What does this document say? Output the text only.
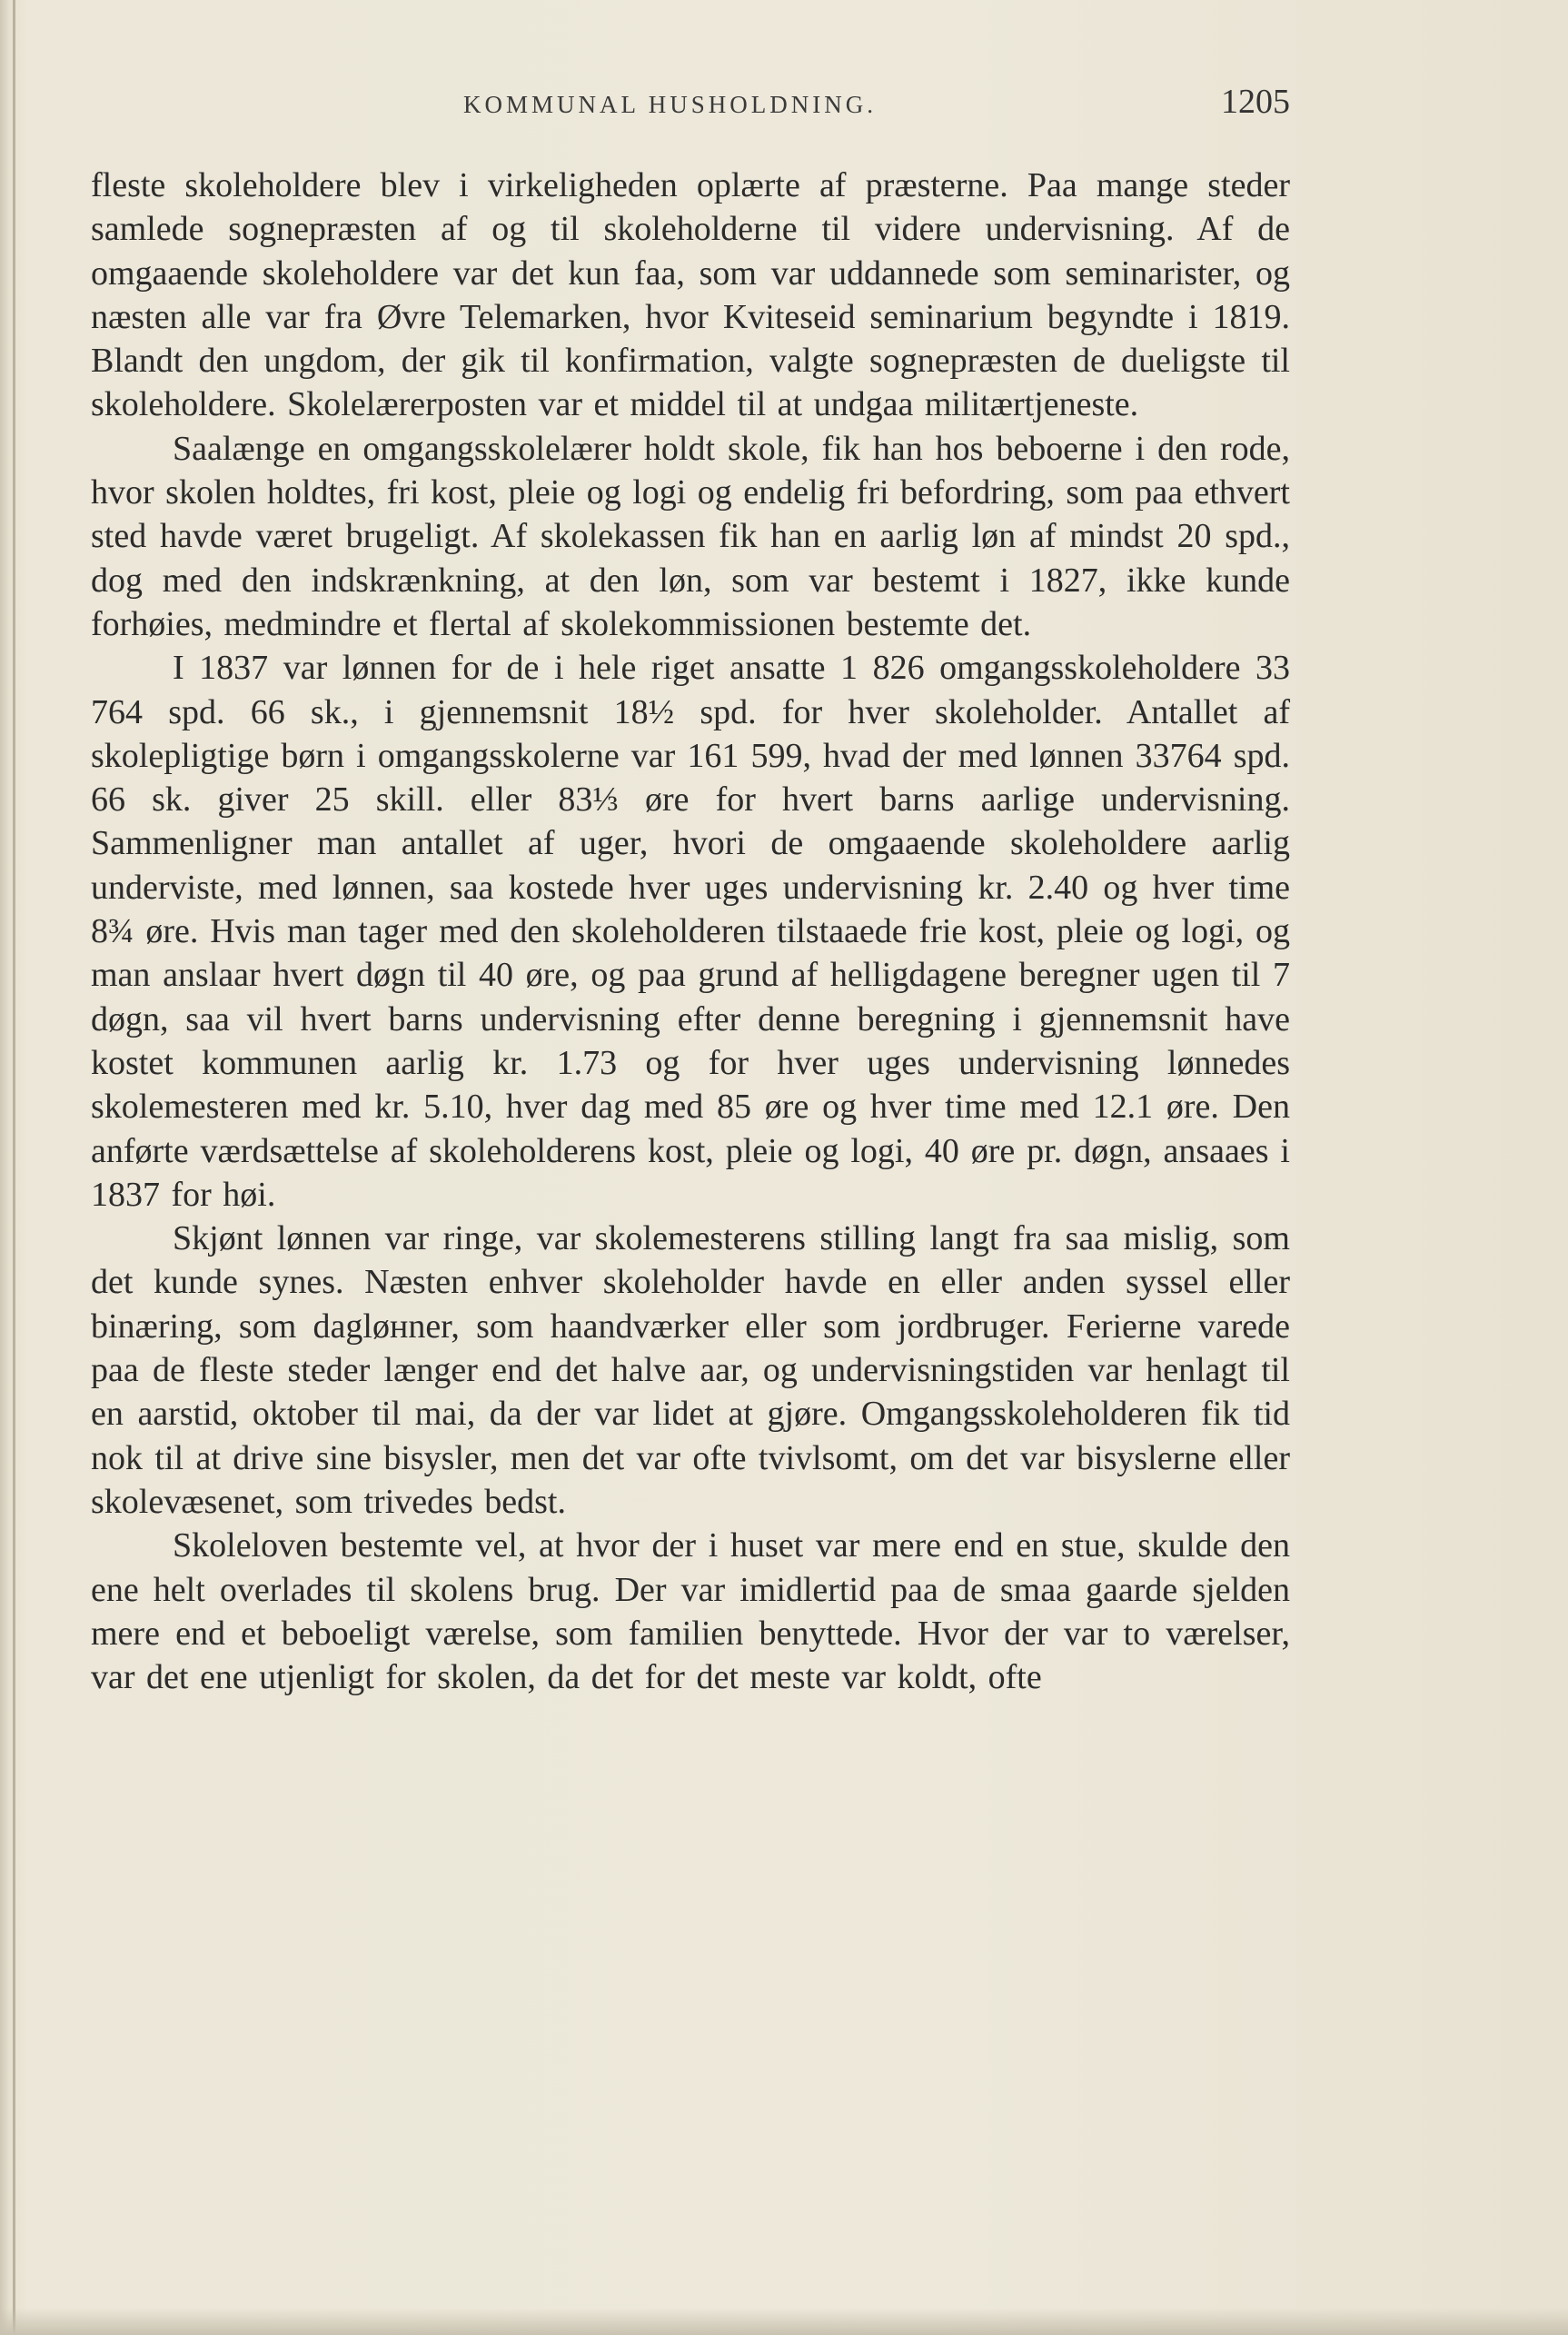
KOMMUNAL HUSHOLDNING.	1205

fleste skoleholdere blev i virkeligheden oplærte af præsterne. Paa mange steder samlede sognepræsten af og til skoleholderne til videre undervisning. Af de omgaaende skoleholdere var det kun faa, som var uddannede som seminarister, og næsten alle var fra Øvre Telemarken, hvor Kviteseid seminarium begyndte i 1819. Blandt den ungdom, der gik til konfirmation, valgte sognepræsten de dueligste til skoleholdere. Skolelærerposten var et middel til at undgaa militærtjeneste.

Saalænge en omgangsskolelærer holdt skole, fik han hos beboerne i den rode, hvor skolen holdtes, fri kost, pleie og logi og endelig fri befordring, som paa ethvert sted havde været brugeligt. Af skolekassen fik han en aarlig løn af mindst 20 spd., dog med den indskrænkning, at den løn, som var bestemt i 1827, ikke kunde forhøies, medmindre et flertal af skolekommissionen bestemte det.

I 1837 var lønnen for de i hele riget ansatte 1 826 omgangsskoleholdere 33 764 spd. 66 sk., i gjennemsnit 18½ spd. for hver skoleholder. Antallet af skolepligtige børn i omgangsskolerne var 161 599, hvad der med lønnen 33764 spd. 66 sk. giver 25 skill. eller 83⅓ øre for hvert barns aarlige undervisning. Sammenligner man antallet af uger, hvori de omgaaende skoleholdere aarlig underviste, med lønnen, saa kostede hver uges undervisning kr. 2.40 og hver time 8¾ øre. Hvis man tager med den skoleholderen tilstaaede frie kost, pleie og logi, og man anslaar hvert døgn til 40 øre, og paa grund af helligdagene beregner ugen til 7 døgn, saa vil hvert barns undervisning efter denne beregning i gjennemsnit have kostet kommunen aarlig kr. 1.73 og for hver uges undervisning lønnedes skolemesteren med kr. 5.10, hver dag med 85 øre og hver time med 12.1 øre. Den anførte værdsættelse af skoleholderens kost, pleie og logi, 40 øre pr. døgn, ansaaes i 1837 for høi.

Skjønt lønnen var ringe, var skolemesterens stilling langt fra saa mislig, som det kunde synes. Næsten enhver skoleholder havde en eller anden syssel eller binæring, som dagløнner, som haandværker eller som jordbruger. Ferierne varede paa de fleste steder længer end det halve aar, og undervisningstiden var henlagt til en aarstid, oktober til mai, da der var lidet at gjøre. Omgangsskoleholderen fik tid nok til at drive sine bisysler, men det var ofte tvivlsomt, om det var bisyslerne eller skolevæsenet, som trivedes bedst.

Skoleloven bestemte vel, at hvor der i huset var mere end en stue, skulde den ene helt overlades til skolens brug. Der var imidlertid paa de smaa gaarde sjelden mere end et beboeligt værelse, som familien benyttede. Hvor der var to værelser, var det ene utjenligt for skolen, da det for det meste var koldt, ofte
